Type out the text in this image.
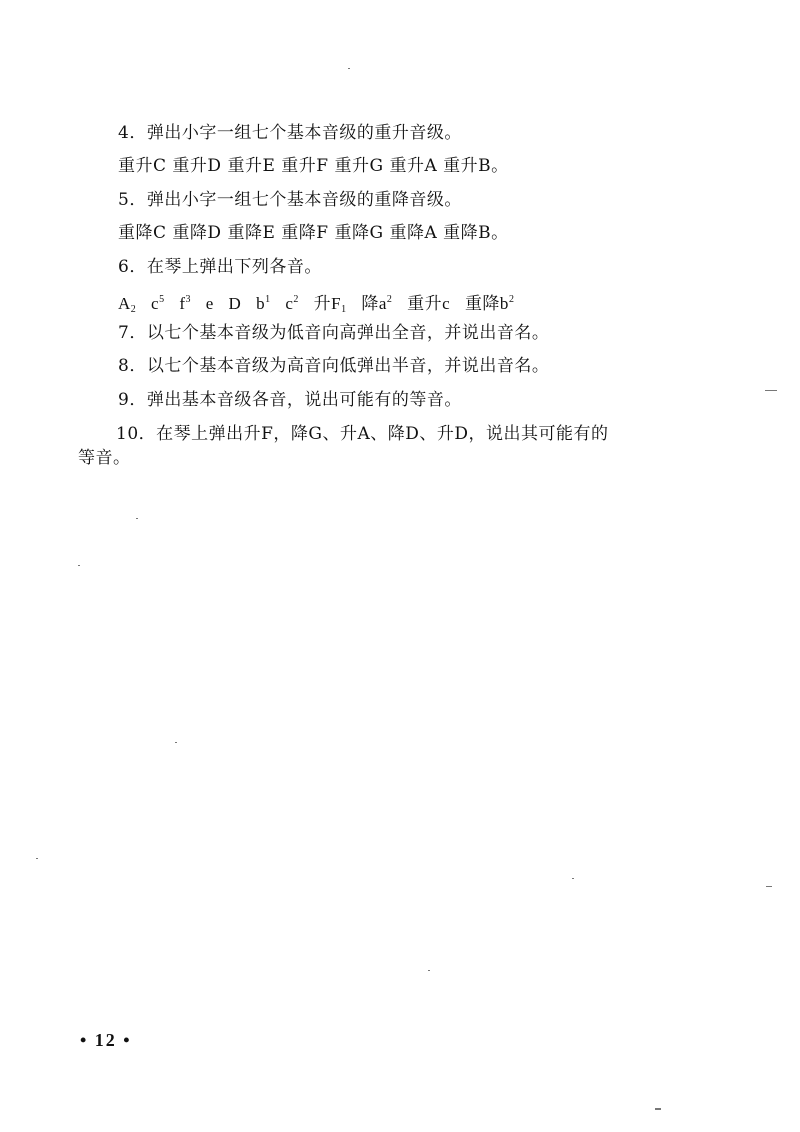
4．弹出小字一组七个基本音级的重升音级。
重升C 重升D 重升E 重升F 重升G 重升A 重升B。
5．弹出小字一组七个基本音级的重降音级。
重降C 重降D 重降E 重降F 重降G 重降A 重降B。
6．在琴上弹出下列各音。
$A_2$ $c^5$ $f^3$ e D $b^1$ $c^2$ 升$F_1$ 降$a^2$ 重升c 重降$b^2$
7．以七个基本音级为低音向高弹出全音，并说出音名。
8．以七个基本音级为高音向低弹出半音，并说出音名。
9．弹出基本音级各音，说出可能有的等音。
10．在琴上弹出升F，降G、升A、降D、升D，说出其可能有的
等音。
• 12 •
